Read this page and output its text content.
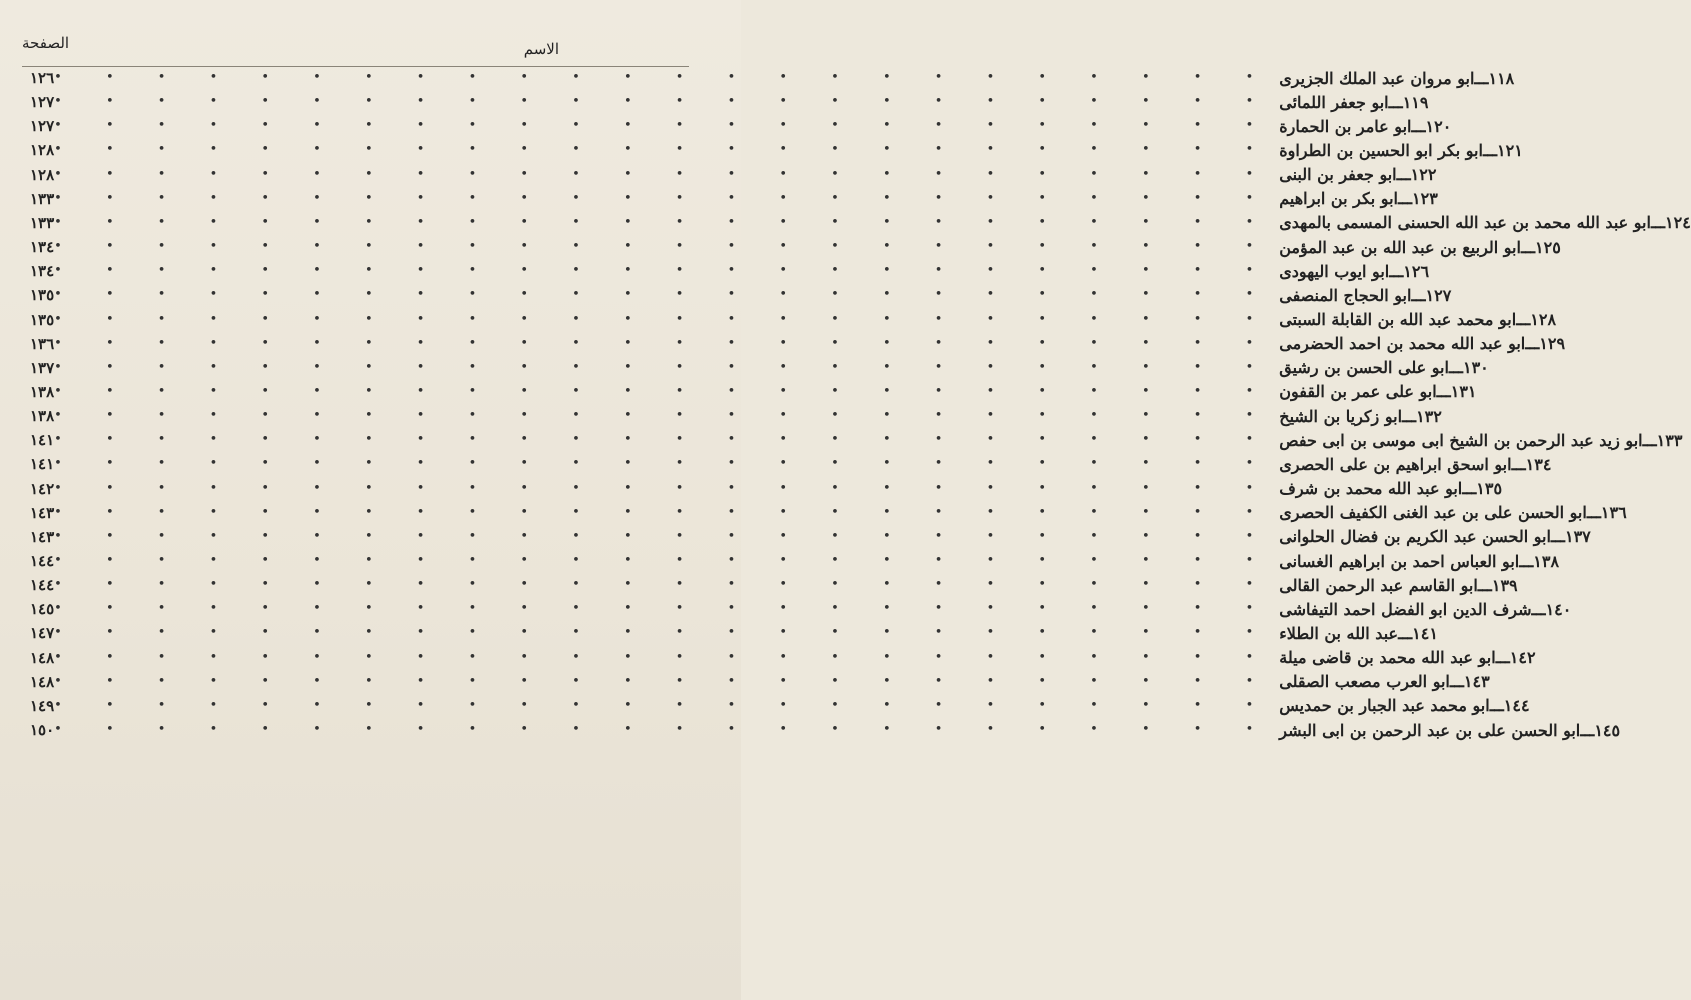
الصفحة	الاسم
١٢٦ • • • • • • • • • • • • • • • • • • • • • • • • ابو مروان عبد الملك الجزيرى ١١٨ـــ
١٢٧ • • • • • • • • • • • • • • • • • • • • • • • • ابو جعفر اللمائى ١١٩ـــ
١٢٧ • • • • • • • • • • • • • • • • • • • • • • • • ابو عامر بن الحمارة ١٢٠ـــ
١٢٨ • • • • • • • • • • • • • • • • • • • • • • • • ابو بكر ابو الحسين بن الطراوة ١٢١ـــ
١٢٨ • • • • • • • • • • • • • • • • • • • • • • • • ابو جعفر بن البنى ١٢٢ـــ
١٣٣ • • • • • • • • • • • • • • • • • • • • • • • • ابو بكر بن ابراهيم ١٢٣ـــ
١٣٣ • • • • • • • • • • • • • • • • • • • • • • • • ابو عبد الله محمد بن عبد الله الحسنى المسمى بالمهدى ١٢٤ـــ
١٣٤ • • • • • • • • • • • • • • • • • • • • • • • • ابو الربيع بن عبد الله بن عبد المؤمن ١٢٥ـــ
١٣٤ • • • • • • • • • • • • • • • • • • • • • • • • ابو ايوب اليهودى ١٢٦ـــ
١٣٥ • • • • • • • • • • • • • • • • • • • • • • • • ابو الحجاج المنصفى ١٢٧ـــ
١٣٥ • • • • • • • • • • • • • • • • • • • • • • • • ابو محمد عبد الله بن القابلة السبتى ١٢٨ـــ
١٣٦ • • • • • • • • • • • • • • • • • • • • • • • • ابو عبد الله محمد بن احمد الحضرمى ١٢٩ـــ
١٣٧ • • • • • • • • • • • • • • • • • • • • • • • • ابو على الحسن بن رشيق ١٣٠ـــ
١٣٨ • • • • • • • • • • • • • • • • • • • • • • • • ابو على عمر بن القفون ١٣١ـــ
١٣٨ • • • • • • • • • • • • • • • • • • • • • • • • ابو زكريا بن الشيخ ١٣٢ـــ
١٤١ • • • • • • • • • • • • • • • • • • • • • • • • ابو زيد عبد الرحمن بن الشيخ ابى موسى بن ابى حفص ١٣٣ـــ
١٤١ • • • • • • • • • • • • • • • • • • • • • • • • ابو اسحق ابراهيم بن على الحصرى ١٣٤ـــ
١٤٢ • • • • • • • • • • • • • • • • • • • • • • • • ابو عبد الله محمد بن شرف ١٣٥ـــ
١٤٣ • • • • • • • • • • • • • • • • • • • • • • • • ابو الحسن على بن عبد الغنى الكفيف الحصرى ١٣٦ـــ
١٤٣ • • • • • • • • • • • • • • • • • • • • • • • • ابو الحسن عبد الكريم بن فضال الحلوانى ١٣٧ـــ
١٤٤ • • • • • • • • • • • • • • • • • • • • • • • • ابو العباس احمد بن ابراهيم الغسانى ١٣٨ـــ
١٤٤ • • • • • • • • • • • • • • • • • • • • • • • • ابو القاسم عبد الرحمن القالى ١٣٩ـــ
١٤٥ • • • • • • • • • • • • • • • • • • • • • • • • شرف الدين ابو الفضل احمد التيفاشى ١٤٠ـــ
١٤٧ • • • • • • • • • • • • • • • • • • • • • • • • عبد الله بن الطلاء ١٤١ـــ
١٤٨ • • • • • • • • • • • • • • • • • • • • • • • • ابو عبد الله محمد بن قاضى ميلة ١٤٢ـــ
١٤٨ • • • • • • • • • • • • • • • • • • • • • • • • ابو العرب مصعب الصقلى ١٤٣ـــ
١٤٩ • • • • • • • • • • • • • • • • • • • • • • • • ابو محمد عبد الجبار بن حمديس ١٤٤ـــ
١٥٠ • • • • • • • • • • • • • • • • • • • • • • • • ابو الحسن على بن عبد الرحمن بن ابى البشر ١٤٥ـــ
